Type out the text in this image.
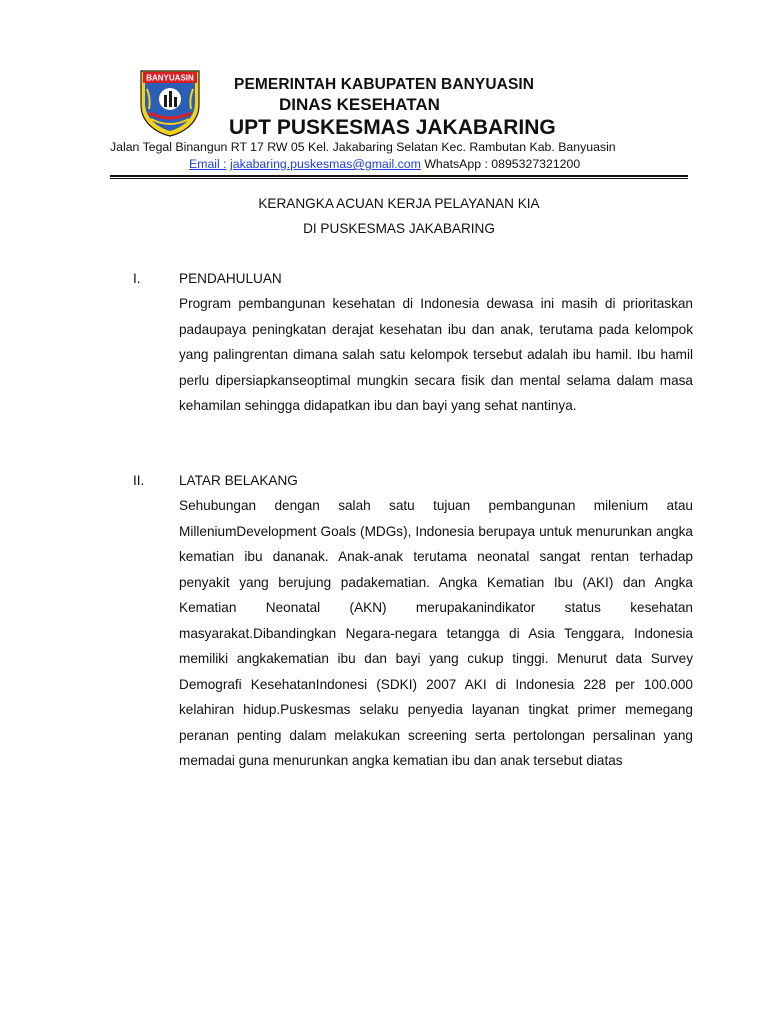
BANYUASIN	PEMERINTAH KABUPATEN BANYUASIN
DINAS KESEHATAN
UPT PUSKESMAS JAKABARING
Jalan Tegal Binangun RT 17 RW 05 Kel. Jakabaring Selatan Kec. Rambutan Kab. Banyuasin
Email : jakabaring.puskesmas@gmail.com WhatsApp : 0895327321200
KERANGKA ACUAN KERJA PELAYANAN KIA
DI PUSKESMAS JAKABARING
I.	PENDAHULUAN

Program pembangunan kesehatan di Indonesia dewasa ini masih di prioritaskan padaupaya peningkatan derajat kesehatan ibu dan anak, terutama pada kelompok yang palingrentan dimana salah satu kelompok tersebut adalah ibu hamil. Ibu hamil perlu dipersiapkanseoptimal mungkin secara fisik dan mental selama dalam masa kehamilan sehingga didapatkan ibu dan bayi yang sehat nantinya.

II.	LATAR BELAKANG

Sehubungan dengan salah satu tujuan pembangunan milenium atau MilleniumDevelopment Goals (MDGs), Indonesia berupaya untuk menurunkan angka kematian ibu dananak. Anak-anak terutama neonatal sangat rentan terhadap penyakit yang berujung padakematian. Angka Kematian Ibu (AKI) dan Angka Kematian Neonatal (AKN) merupakanindikator status kesehatan masyarakat.Dibandingkan Negara-negara tetangga di Asia Tenggara, Indonesia memiliki angkakematian ibu dan bayi yang cukup tinggi. Menurut data Survey Demografi KesehatanIndonesi (SDKI) 2007 AKI di Indonesia 228 per 100.000 kelahiran hidup.Puskesmas selaku penyedia layanan tingkat primer memegang peranan penting dalam melakukan screening serta pertolongan persalinan yang memadai guna menurunkan angka kematian ibu dan anak tersebut diatas
